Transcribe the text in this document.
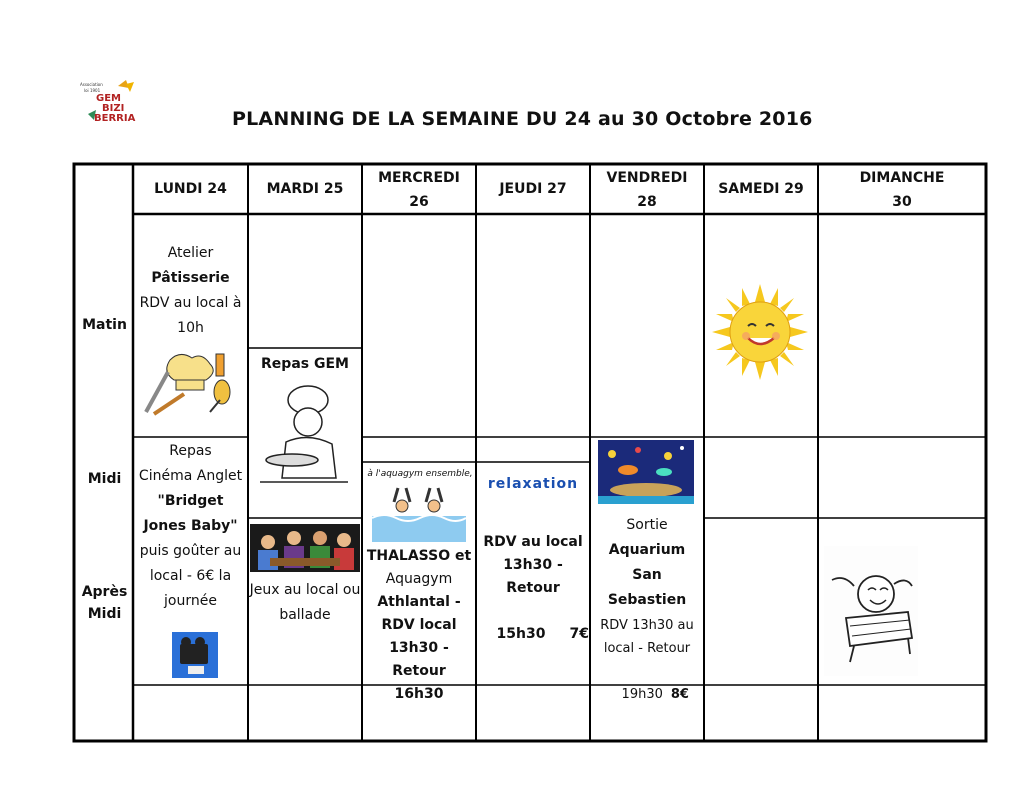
Association
loi 1901
GEM
BIZI
BERRIA	PLANNING DE LA SEMAINE DU 24 au 30 Octobre 2016
LUNDI 24	MARDI 25
MERCREDI
26
JEUDI 27
VENDREDI
28
SAMEDI 29
DIMANCHE
30
Matin
Midi
Après
Midi
Atelier
Pâtisserie
RDV au local à
10h
Repas
Cinéma Anglet
"Bridget
Jones Baby"
puis goûter au
local - 6€ la
journée
Repas GEM
Jeux au local ou
ballade
à l'aquagym ensemble,
THALASSO et
Aquagym
Athlantal -
RDV local
13h30 - Retour
16h30
relaxation
RDV au local
13h30 - Retour

15h30 7€

Sortie
Aquarium
San
Sebastien
RDV 13h30 au
local - Retour

19h30 8€
